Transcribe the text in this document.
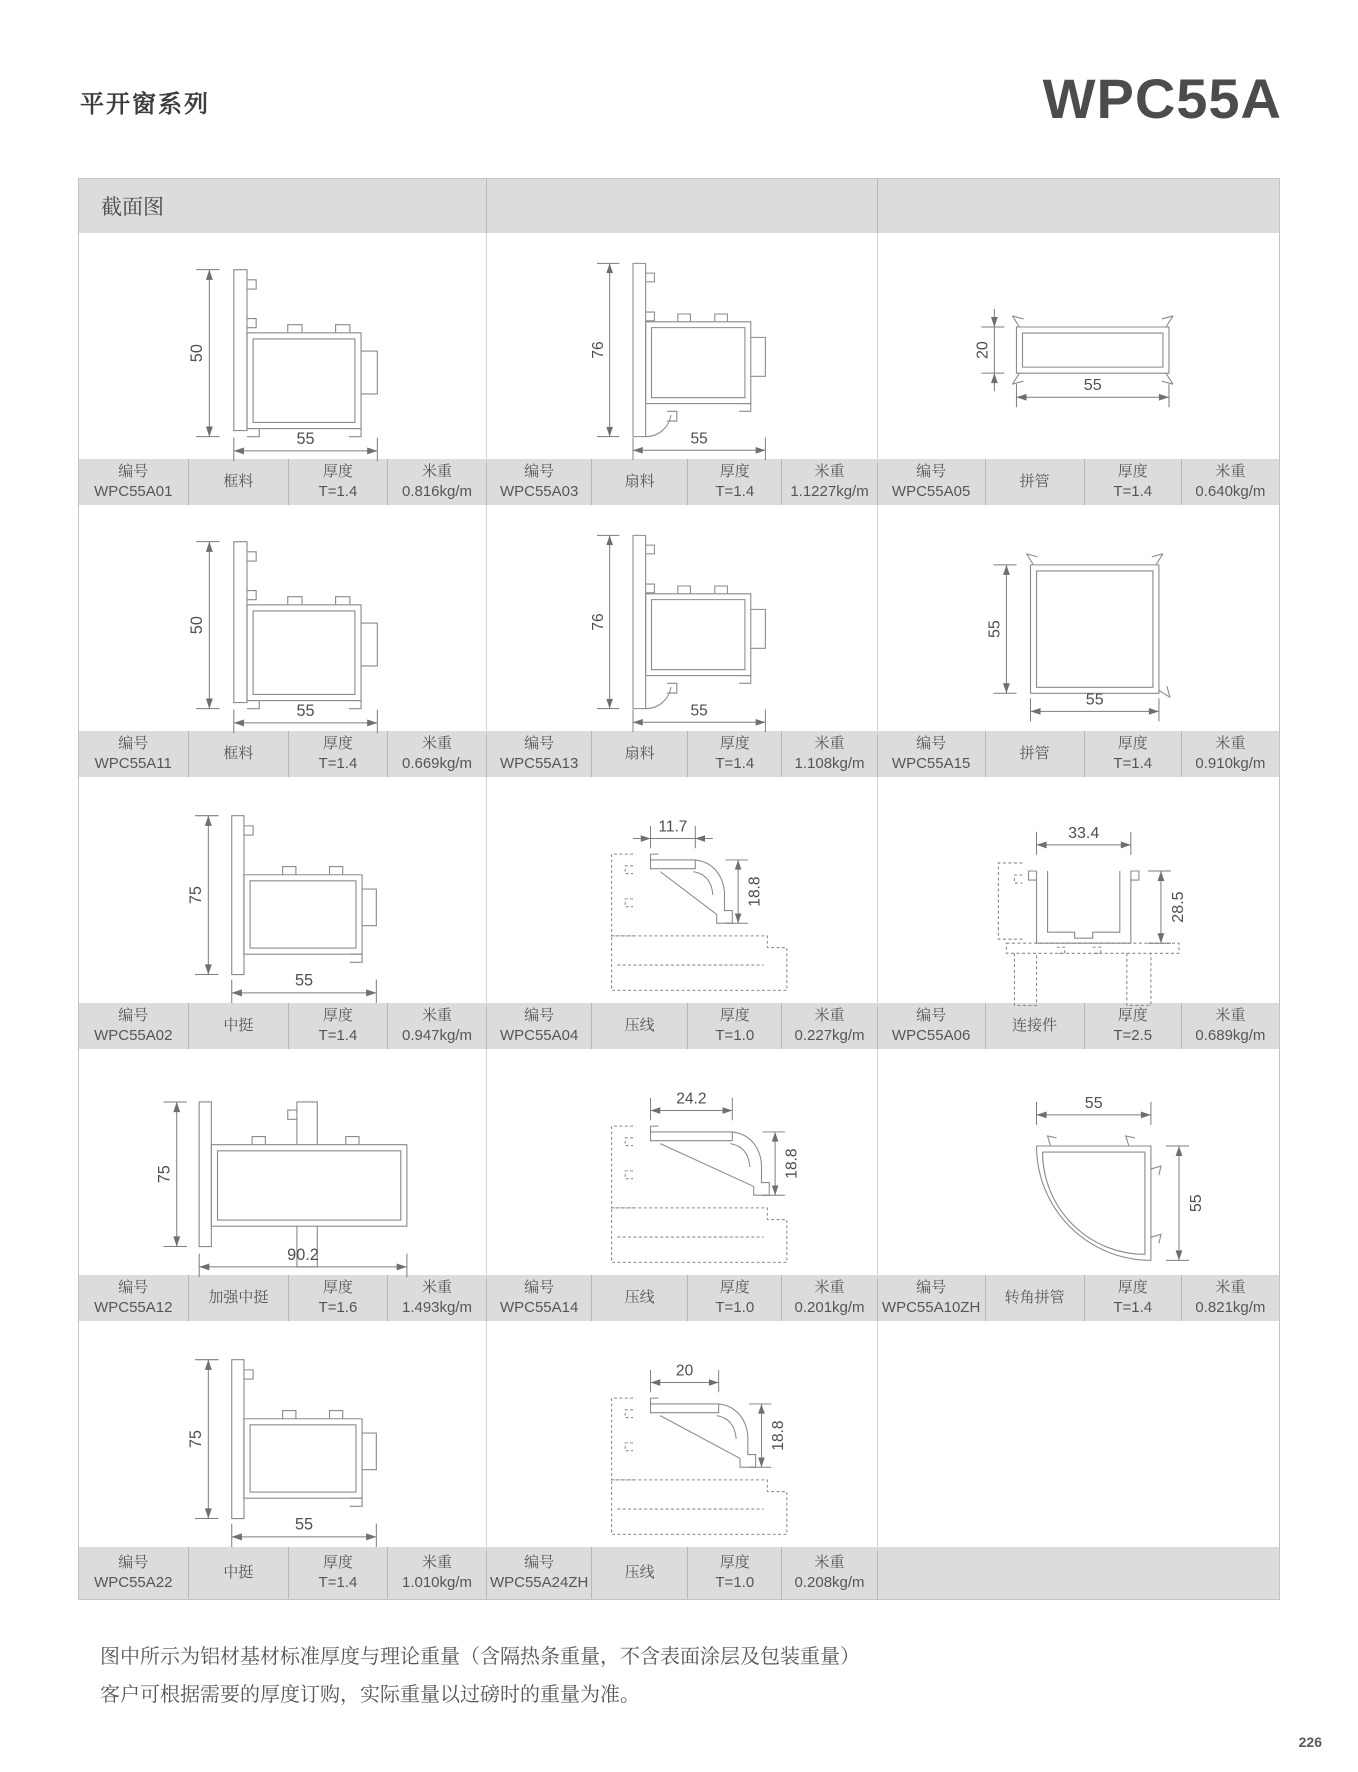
平开窗系列	WPC55A
截面图
50
55
76
55
20
55
编号
WPC55A01
框料
厚度
T=1.4
米重
0.816kg/m
编号
WPC55A03
扇料
厚度
T=1.4
米重
1.1227kg/m
编号
WPC55A05
拼管
厚度
T=1.4
米重
0.640kg/m
50
55
76
55
55
55
编号
WPC55A11
框料
厚度
T=1.4
米重
0.669kg/m
编号
WPC55A13
扇料
厚度
T=1.4
米重
1.108kg/m
编号
WPC55A15
拼管
厚度
T=1.4
米重
0.910kg/m
75
55
11.7
18.8
33.4
28.5
编号
WPC55A02
中挺
厚度
T=1.4
米重
0.947kg/m
编号
WPC55A04
压线
厚度
T=1.0
米重
0.227kg/m
编号
WPC55A06
连接件
厚度
T=2.5
米重
0.689kg/m
75
90.2
24.2
18.8
55
55
编号
WPC55A12
加强中挺
厚度
T=1.6
米重
1.493kg/m
编号
WPC55A14
压线
厚度
T=1.0
米重
0.201kg/m
编号
WPC55A10ZH
转角拼管
厚度
T=1.4
米重
0.821kg/m
75
55
20
18.8
编号
WPC55A22
中挺
厚度
T=1.4
米重
1.010kg/m
编号
WPC55A24ZH
压线
厚度
T=1.0
米重
0.208kg/m
图中所示为铝材基材标准厚度与理论重量（含隔热条重量，不含表面涂层及包装重量）
客户可根据需要的厚度订购，实际重量以过磅时的重量为准。
226
